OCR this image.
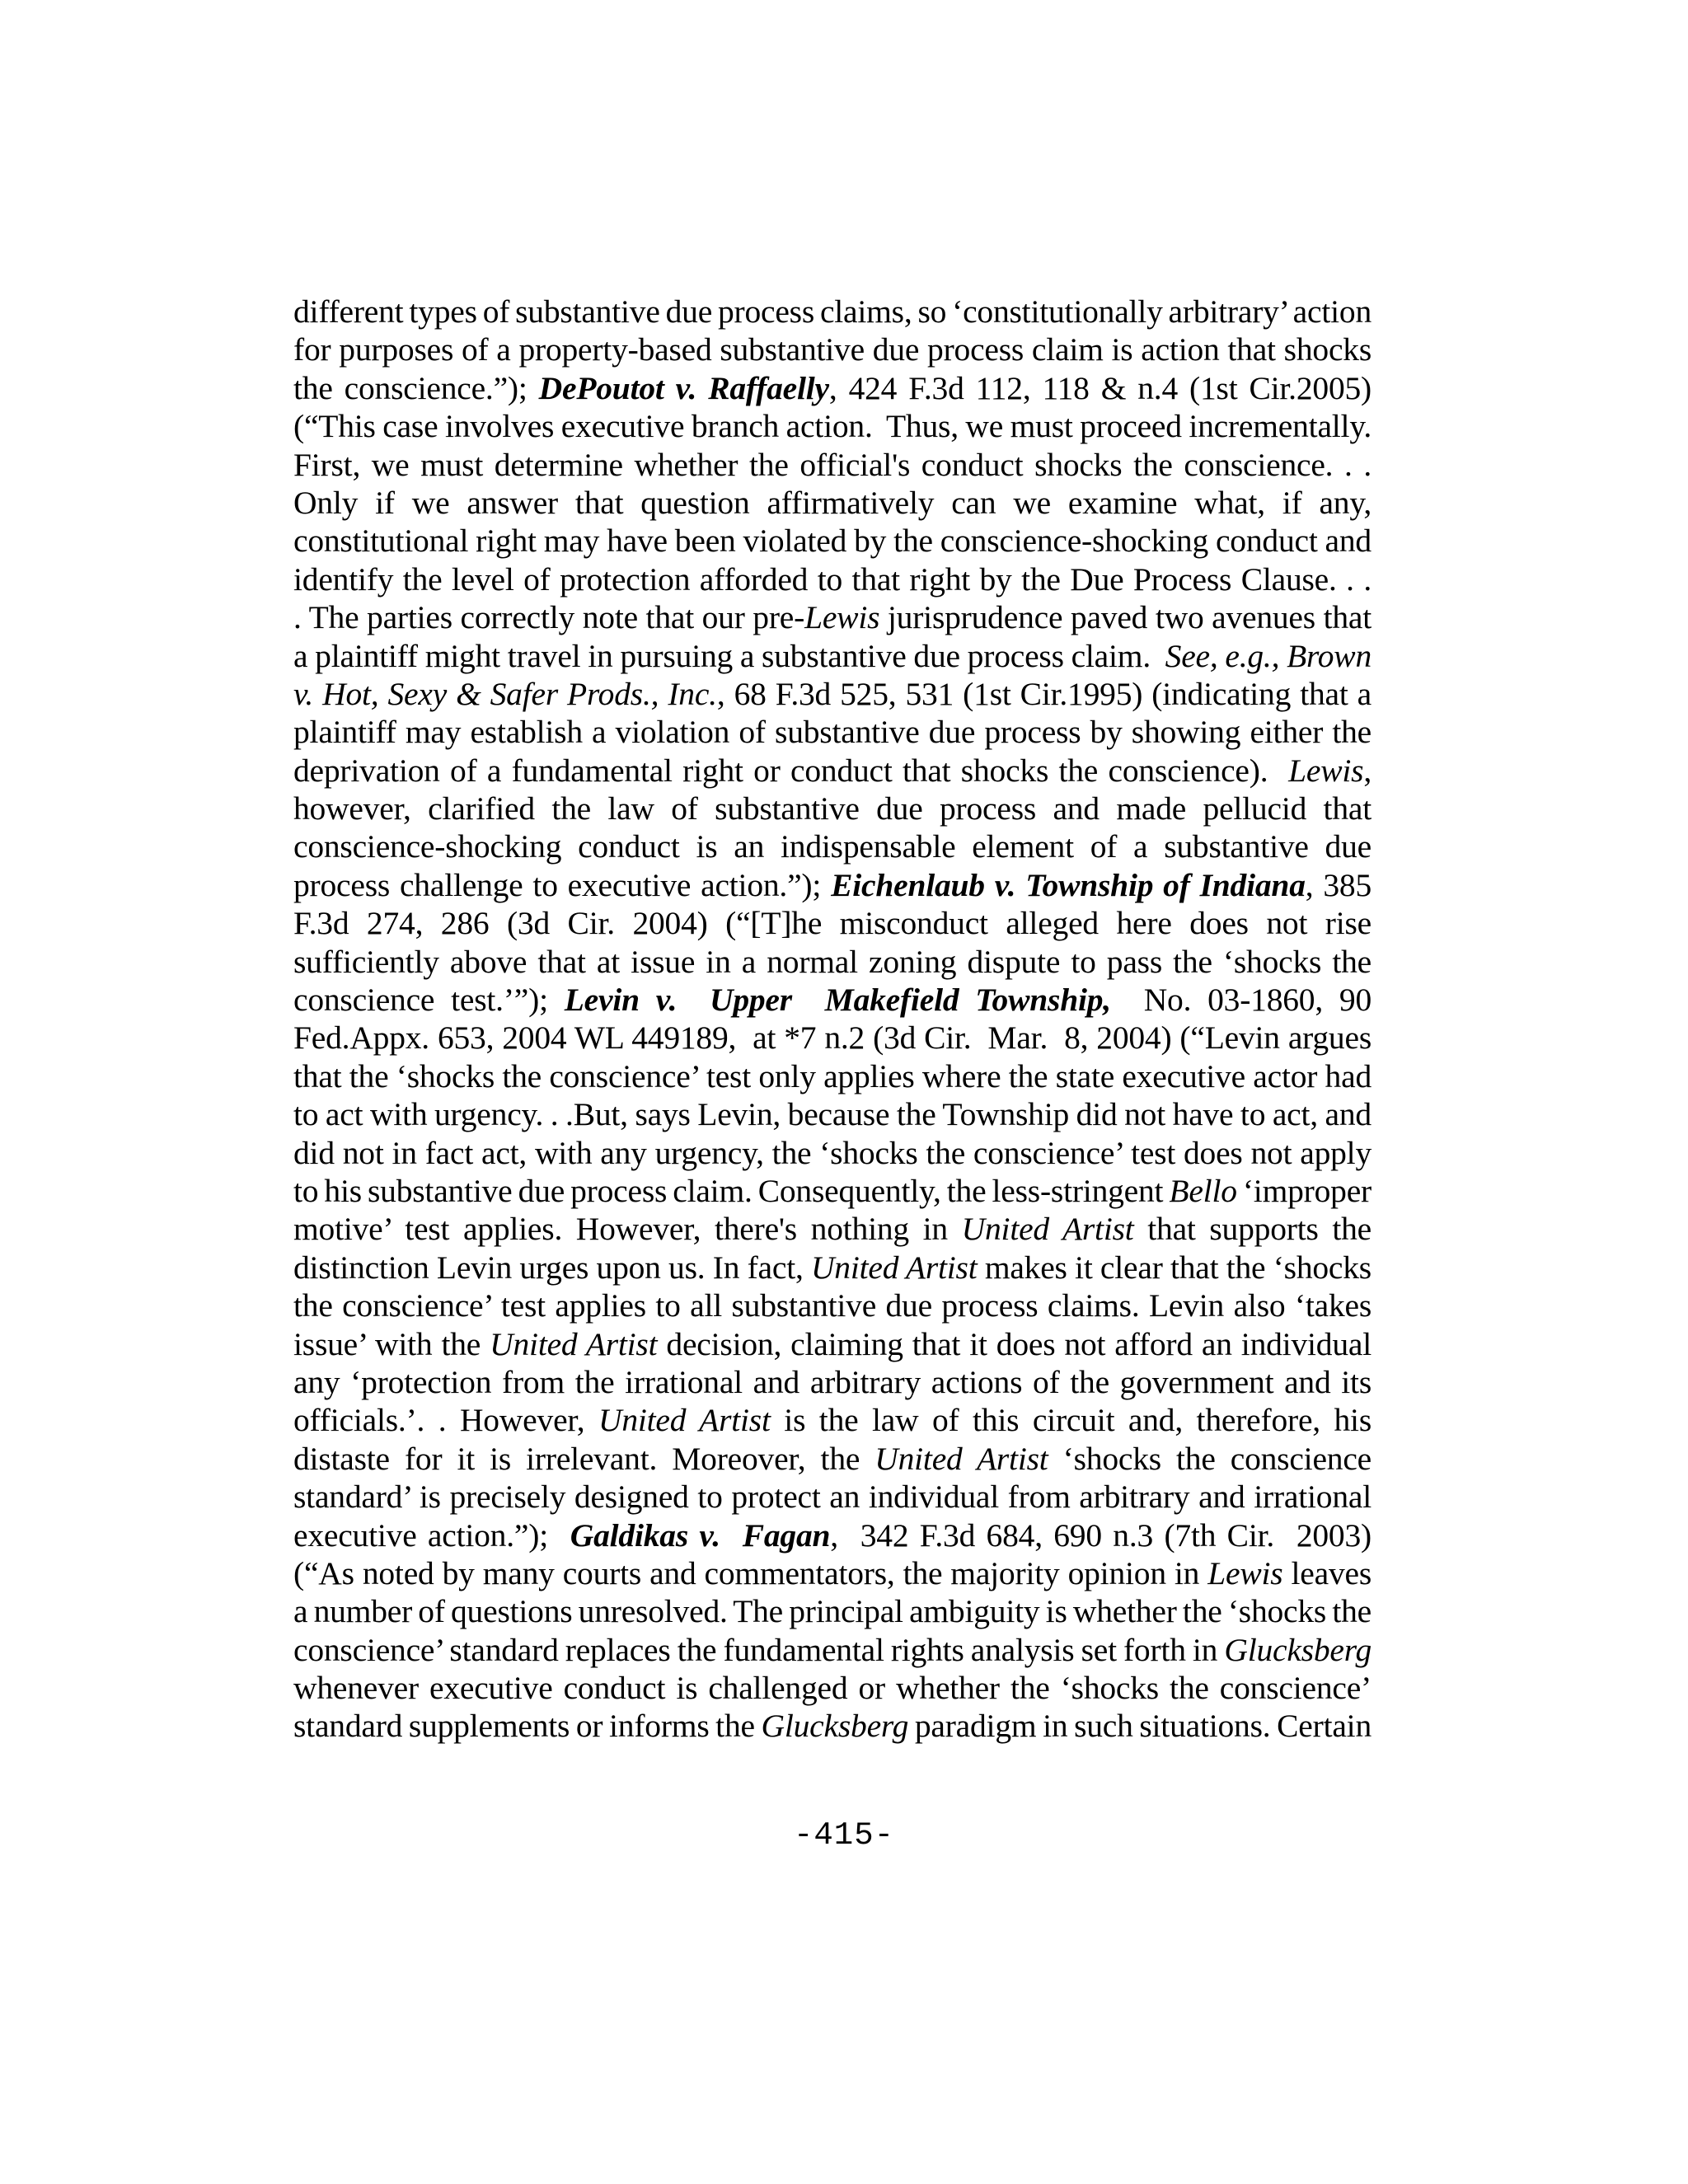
different types of substantive due process claims, so ‘constitutionally arbitrary’ action
for purposes of a property-based substantive due process claim is action that shocks
the conscience.”); DePoutot v. Raffaelly, 424 F.3d 112, 118 & n.4 (1st Cir.2005)
(“This case involves executive branch action.  Thus, we must proceed incrementally.
First, we must determine whether the official's conduct shocks the conscience. . .
Only if we answer that question affirmatively can we examine what, if any,
constitutional right may have been violated by the conscience-shocking conduct and
identify the level of protection afforded to that right by the Due Process Clause. . .
. The parties correctly note that our pre-Lewis jurisprudence paved two avenues that
a plaintiff might travel in pursuing a substantive due process claim.  See, e.g., Brown
v. Hot, Sexy & Safer Prods., Inc., 68 F.3d 525, 531 (1st Cir.1995) (indicating that a
plaintiff may establish a violation of substantive due process by showing either the
deprivation of a fundamental right or conduct that shocks the conscience).  Lewis,
however, clarified the law of substantive due process and made pellucid that
conscience-shocking conduct is an indispensable element of a substantive due
process challenge to executive action.”); Eichenlaub v. Township of Indiana, 385
F.3d 274, 286 (3d Cir. 2004) (“[T]he misconduct alleged here does not rise
sufficiently above that at issue in a normal zoning dispute to pass the ‘shocks the
conscience test.’”); Levin v.  Upper  Makefield Township,  No. 03-1860, 90
Fed.Appx. 653, 2004 WL 449189,  at *7 n.2 (3d Cir.  Mar.  8, 2004) (“Levin argues
that the ‘shocks the conscience’ test only applies where the state executive actor had
to act with urgency. . .But, says Levin, because the Township did not have to act, and
did not in fact act, with any urgency, the ‘shocks the conscience’ test does not apply
to his substantive due process claim. Consequently, the less-stringent Bello ‘improper
motive’ test applies. However, there's nothing in United Artist that supports the
distinction Levin urges upon us. In fact, United Artist makes it clear that the ‘shocks
the conscience’ test applies to all substantive due process claims. Levin also ‘takes
issue’ with the United Artist decision, claiming that it does not afford an individual
any ‘protection from the irrational and arbitrary actions of the government and its
officials.’. . However, United Artist is the law of this circuit and, therefore, his
distaste for it is irrelevant. Moreover, the United Artist ‘shocks the conscience
standard’ is precisely designed to protect an individual from arbitrary and irrational
executive action.”);  Galdikas v.  Fagan,  342 F.3d 684, 690 n.3 (7th Cir.  2003)
(“As noted by many courts and commentators, the majority opinion in Lewis leaves
a number of questions unresolved. The principal ambiguity is whether the ‘shocks the
conscience’ standard replaces the fundamental rights analysis set forth in Glucksberg
whenever executive conduct is challenged or whether the ‘shocks the conscience’
standard supplements or informs the Glucksberg paradigm in such situations. Certain
-415-
